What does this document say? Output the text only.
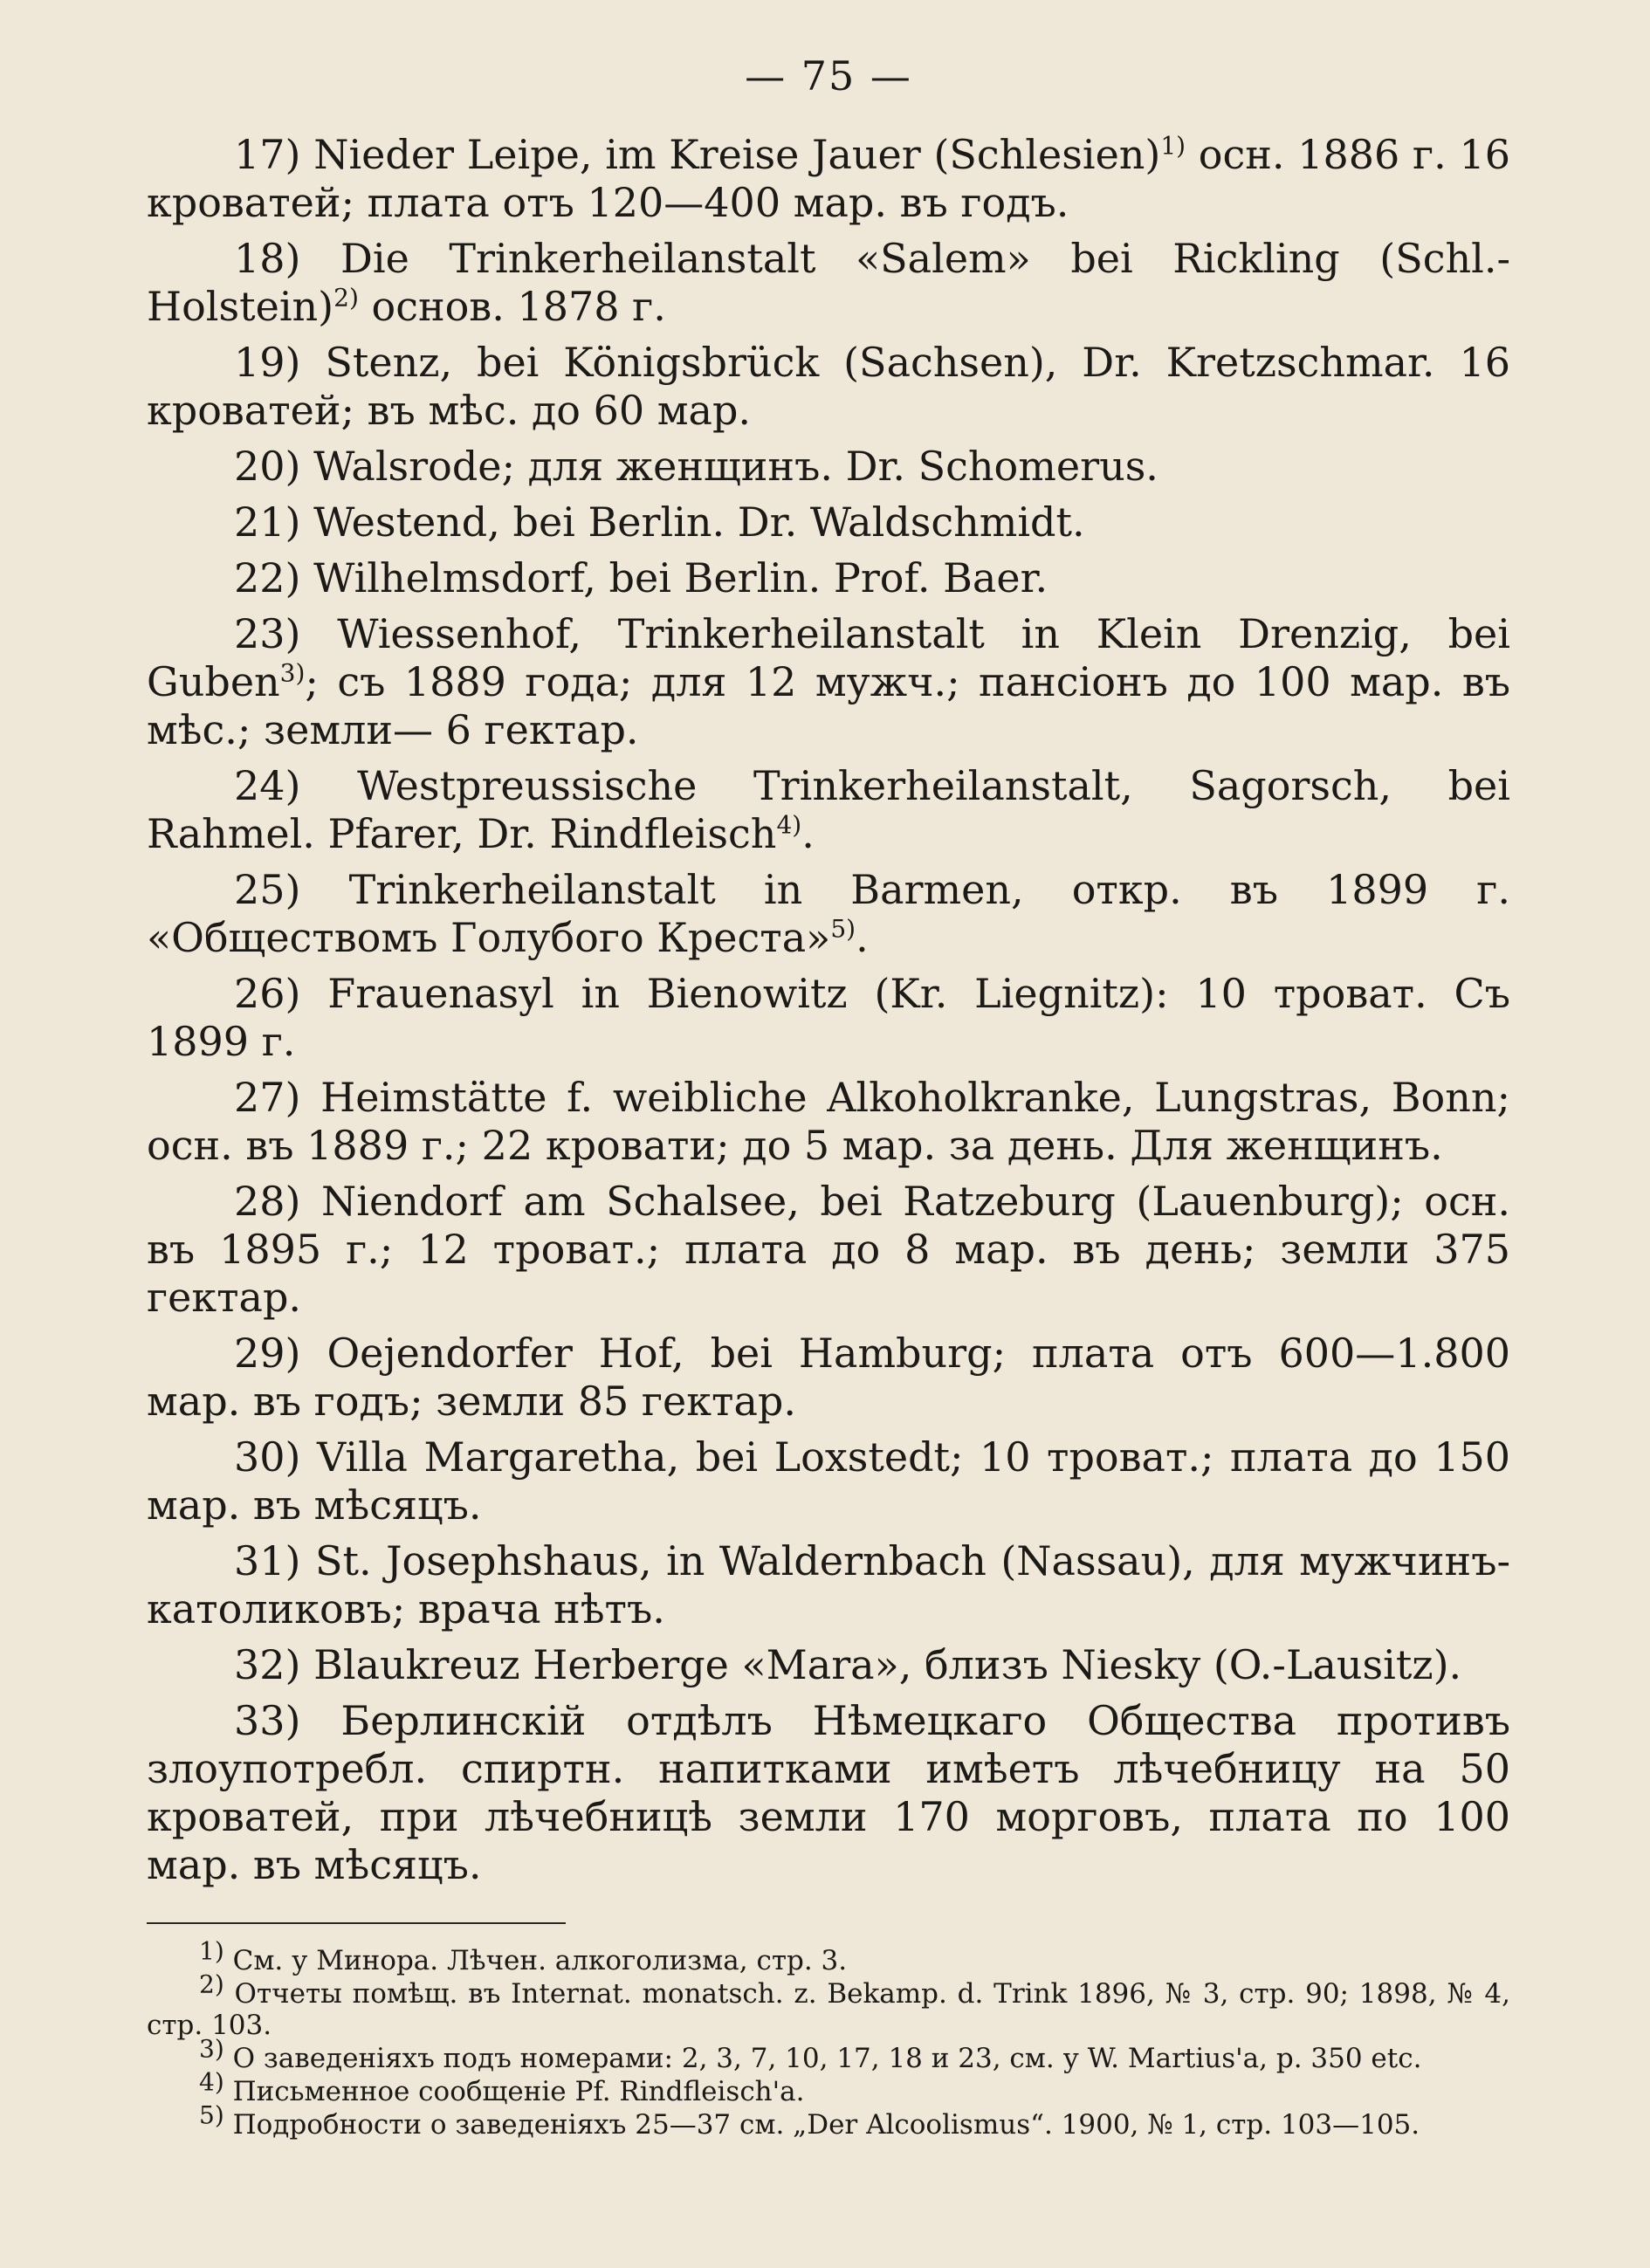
— 75 —

17) Nieder Leipe, im Kreise Jauer (Schlesien)$^{1)}$ осн. 1886 г. 16 кроватей; плата отъ 120—400 мар. въ годъ.

18) Die Trinkerheilanstalt «Salem» bei Rickling (Schl.-Holstein)$^{2)}$ основ. 1878 г.

19) Stenz, bei Königsbrück (Sachsen), Dr. Kretzschmar. 16 кроватей; въ мѣс. до 60 мар.

20) Walsrode; для женщинъ. Dr. Schomerus.

21) Westend, bei Berlin. Dr. Waldschmidt.

22) Wilhelmsdorf, bei Berlin. Prof. Baer.

23) Wiessenhof, Trinkerheilanstalt in Klein Drenzig, bei Guben$^{3)}$; съ 1889 года; для 12 мужч.; пансіонъ до 100 мар. въ мѣс.; земли— 6 гектар.

24) Westpreussische Trinkerheilanstalt, Sagorsch, bei Rahmel. Pfarer, Dr. Rindfleisch$^{4)}$.

25) Trinkerheilanstalt in Barmen, откр. въ 1899 г. «Обществомъ Голубого Креста»$^{5)}$.

26) Frauenasyl in Bienowitz (Kr. Liegnitz): 10 троват. Съ 1899 г.

27) Heimstätte f. weibliche Alkoholkranke, Lungstras, Bonn; осн. въ 1889 г.; 22 кровати; до 5 мар. за день. Для женщинъ.

28) Niendorf am Schalsee, bei Ratzeburg (Lauenburg); осн. въ 1895 г.; 12 троват.; плата до 8 мар. въ день; земли 375 гектар.

29) Oejendorfer Hof, bei Hamburg; плата отъ 600—1.800 мар. въ годъ; земли 85 гектар.

30) Villa Margaretha, bei Loxstedt; 10 троват.; плата до 150 мар. въ мѣсяцъ.

31) St. Josephshaus, in Waldernbach (Nassau), для мужчинъ-католиковъ; врача нѣтъ.

32) Blaukreuz Herberge «Mara», близъ Niesky (O.-Lausitz).

33) Берлинскій отдѣлъ Нѣмецкаго Общества противъ злоупотребл. спиртн. напитками имѣетъ лѣчебницу на 50 кроватей, при лѣчебницѣ земли 170 морговъ, плата по 100 мар. въ мѣсяцъ.

$^{1)}$ См. у Минора. Лѣчен. алкоголизма, стр. 3.

$^{2)}$ Отчеты помѣщ. въ Internat. monatsch. z. Bekamp. d. Trink 1896, № 3, стр. 90; 1898, № 4, стр. 103.

$^{3)}$ О заведеніяхъ подъ номерами: 2, 3, 7, 10, 17, 18 и 23, см. у W. Martius'a, p. 350 etc.

$^{4)}$ Письменное сообщеніе Pf. Rindfleisch'a.

$^{5)}$ Подробности о заведеніяхъ 25—37 см. „Der Alcoolismus“. 1900, № 1, стр. 103—105.
